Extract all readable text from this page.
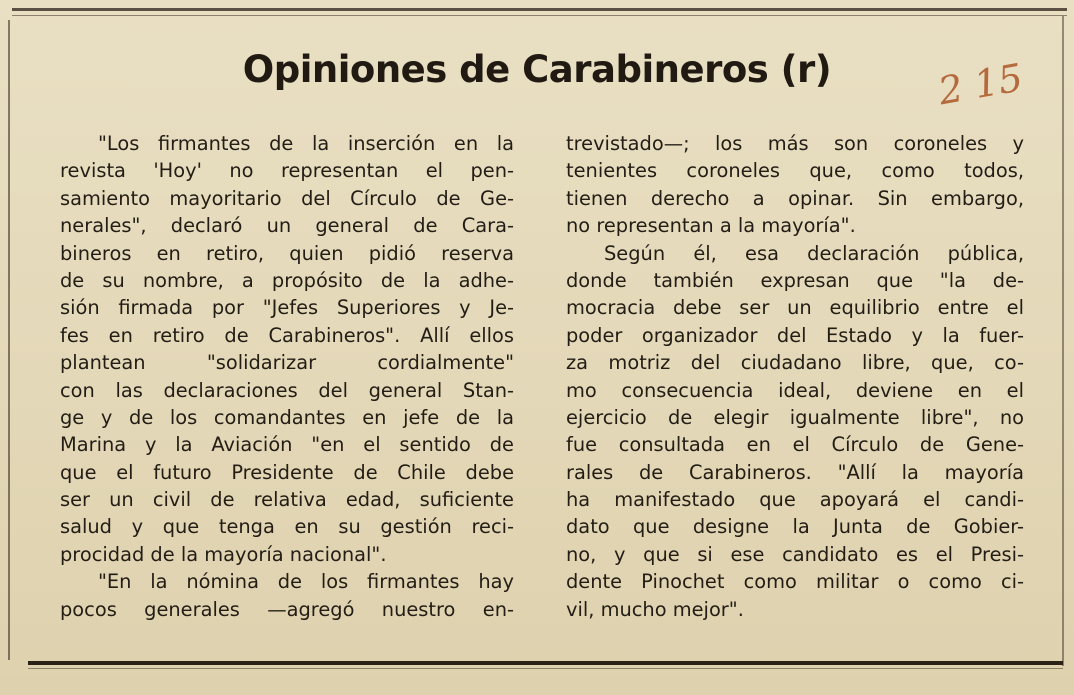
Opiniones de Carabineros (r)	2 15
"Los firmantes de la inserción en la
revista 'Hoy' no representan el pen-
samiento mayoritario del Círculo de Ge-
nerales", declaró un general de Cara-
bineros en retiro, quien pidió reserva
de su nombre, a propósito de la adhe-
sión firmada por "Jefes Superiores y Je-
fes en retiro de Carabineros". Allí ellos
plantean "solidarizar cordialmente"
con las declaraciones del general Stan-
ge y de los comandantes en jefe de la
Marina y la Aviación "en el sentido de
que el futuro Presidente de Chile debe
ser un civil de relativa edad, suficiente
salud y que tenga en su gestión reci-
procidad de la mayoría nacional".
"En la nómina de los firmantes hay
pocos generales —agregó nuestro en-
trevistado—; los más son coroneles y
tenientes coroneles que, como todos,
tienen derecho a opinar. Sin embargo,
no representan a la mayoría".
Según él, esa declaración pública,
donde también expresan que "la de-
mocracia debe ser un equilibrio entre el
poder organizador del Estado y la fuer-
za motriz del ciudadano libre, que, co-
mo consecuencia ideal, deviene en el
ejercicio de elegir igualmente libre", no
fue consultada en el Círculo de Gene-
rales de Carabineros. "Allí la mayoría
ha manifestado que apoyará el candi-
dato que designe la Junta de Gobier-
no, y que si ese candidato es el Presi-
dente Pinochet como militar o como ci-
vil, mucho mejor".
